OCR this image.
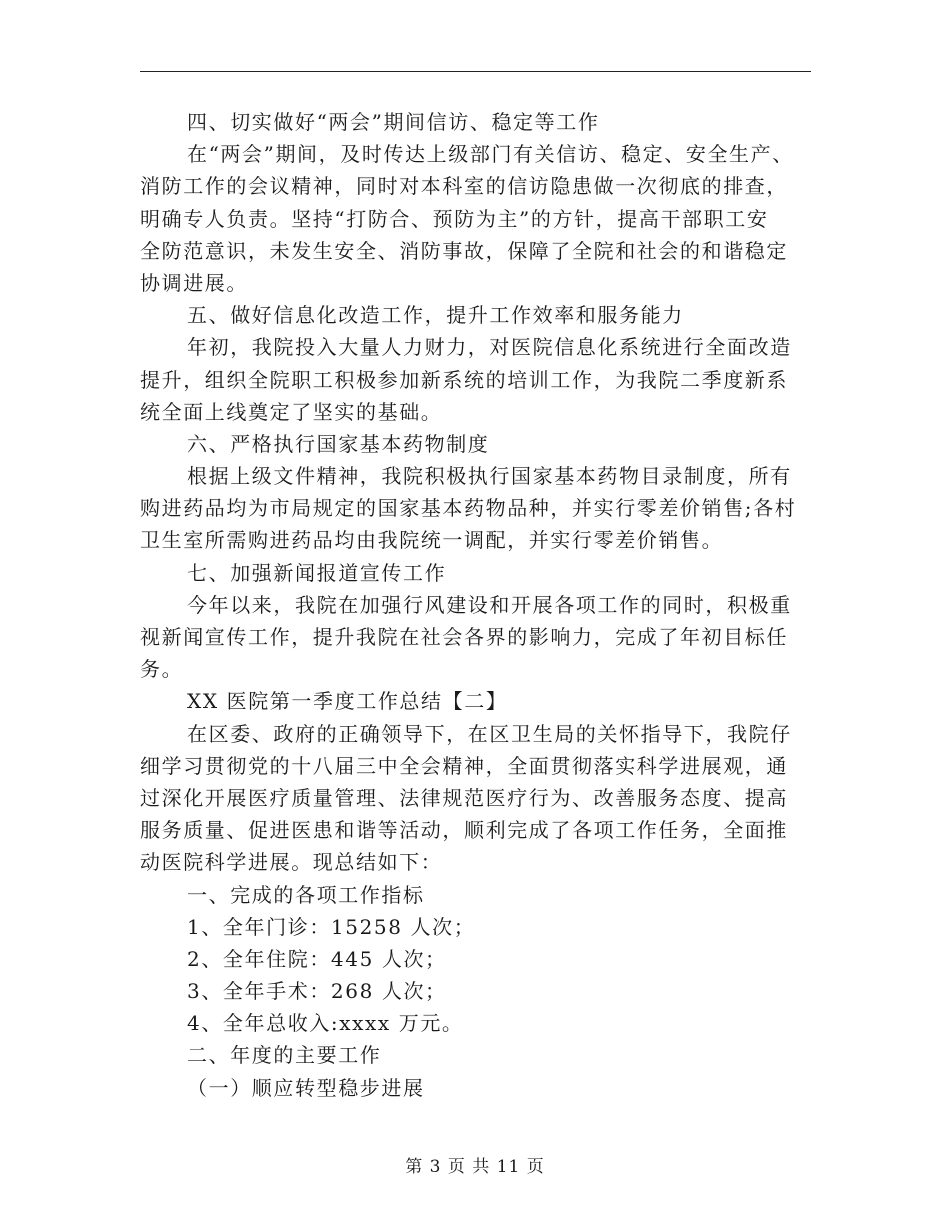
四、切实做好“两会”期间信访、稳定等工作
在“两会”期间，及时传达上级部门有关信访、稳定、安全生产、
消防工作的会议精神，同时对本科室的信访隐患做一次彻底的排查，
明确专人负责。坚持“打防合、预防为主”的方针，提高干部职工安
全防范意识，未发生安全、消防事故，保障了全院和社会的和谐稳定
协调进展。
五、做好信息化改造工作，提升工作效率和服务能力
年初，我院投入大量人力财力，对医院信息化系统进行全面改造
提升，组织全院职工积极参加新系统的培训工作，为我院二季度新系
统全面上线奠定了坚实的基础。
六、严格执行国家基本药物制度
根据上级文件精神，我院积极执行国家基本药物目录制度，所有
购进药品均为市局规定的国家基本药物品种，并实行零差价销售;各村
卫生室所需购进药品均由我院统一调配，并实行零差价销售。
七、加强新闻报道宣传工作
今年以来，我院在加强行风建设和开展各项工作的同时，积极重
视新闻宣传工作，提升我院在社会各界的影响力，完成了年初目标任
务。
XX 医院第一季度工作总结【二】
在区委、政府的正确领导下，在区卫生局的关怀指导下，我院仔
细学习贯彻党的十八届三中全会精神，全面贯彻落实科学进展观，通
过深化开展医疗质量管理、法律规范医疗行为、改善服务态度、提高
服务质量、促进医患和谐等活动，顺利完成了各项工作任务，全面推
动医院科学进展。现总结如下：
一、完成的各项工作指标
1、全年门诊：15258 人次；
2、全年住院：445 人次；
3、全年手术：268 人次；
4、全年总收入:xxxx 万元。
二、年度的主要工作
（一）顺应转型稳步进展
第 3 页 共 11 页
